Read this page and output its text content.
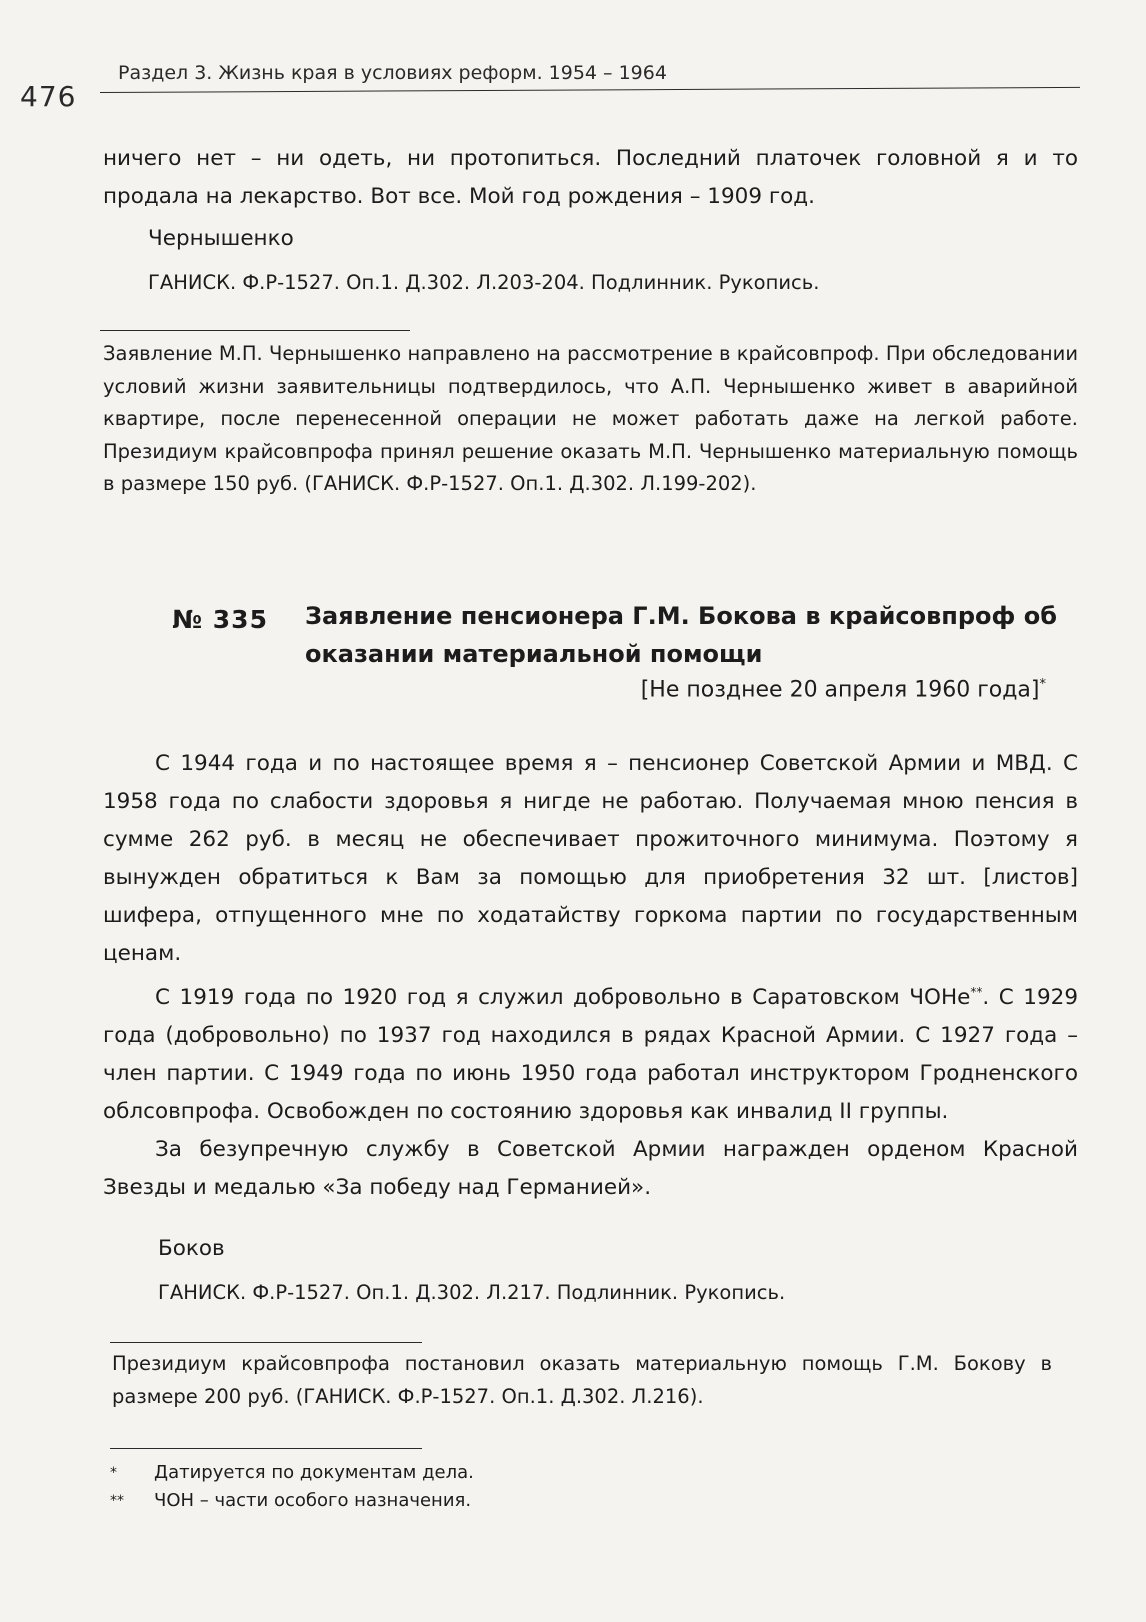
476
Раздел 3. Жизнь края в условиях реформ. 1954 – 1964
ничего нет – ни одеть, ни протопиться. Последний платочек головной я и то продала на лекарство. Вот все. Мой год рождения – 1909 год.
Чернышенко
ГАНИСК. Ф.Р-1527. Оп.1. Д.302. Л.203-204. Подлинник. Рукопись.
Заявление М.П. Чернышенко направлено на рассмотрение в крайсовпроф. При обследовании условий жизни заявительницы подтвердилось, что А.П. Чернышенко живет в аварийной квартире, после перенесенной операции не может работать даже на легкой работе. Президиум крайсовпрофа принял решение оказать М.П. Чернышенко материальную помощь в размере 150 руб. (ГАНИСК. Ф.Р-1527. Оп.1. Д.302. Л.199-202).
№ 335 Заявление пенсионера Г.М. Бокова в крайсовпроф об оказании материальной помощи
[Не позднее 20 апреля 1960 года]*

С 1944 года и по настоящее время я – пенсионер Советской Армии и МВД. С 1958 года по слабости здоровья я нигде не работаю. Получаемая мною пенсия в сумме 262 руб. в месяц не обеспечивает прожиточного минимума. Поэтому я вынужден обратиться к Вам за помощью для приобретения 32 шт. [листов] шифера, отпущенного мне по ходатайству горкома партии по государственным ценам.

С 1919 года по 1920 год я служил добровольно в Саратовском ЧОНе**. С 1929 года (добровольно) по 1937 год находился в рядах Красной Армии. С 1927 года – член партии. С 1949 года по июнь 1950 года работал инструктором Гродненского облсовпрофа. Освобожден по состоянию здоровья как инвалид II группы.

За безупречную службу в Советской Армии награжден орденом Красной Звезды и медалью «За победу над Германией».

Боков
ГАНИСК. Ф.Р-1527. Оп.1. Д.302. Л.217. Подлинник. Рукопись.
Президиум крайсовпрофа постановил оказать материальную помощь Г.М. Бокову в размере 200 руб. (ГАНИСК. Ф.Р-1527. Оп.1. Д.302. Л.216).
* Датируется по документам дела.
** ЧОН – части особого назначения.
